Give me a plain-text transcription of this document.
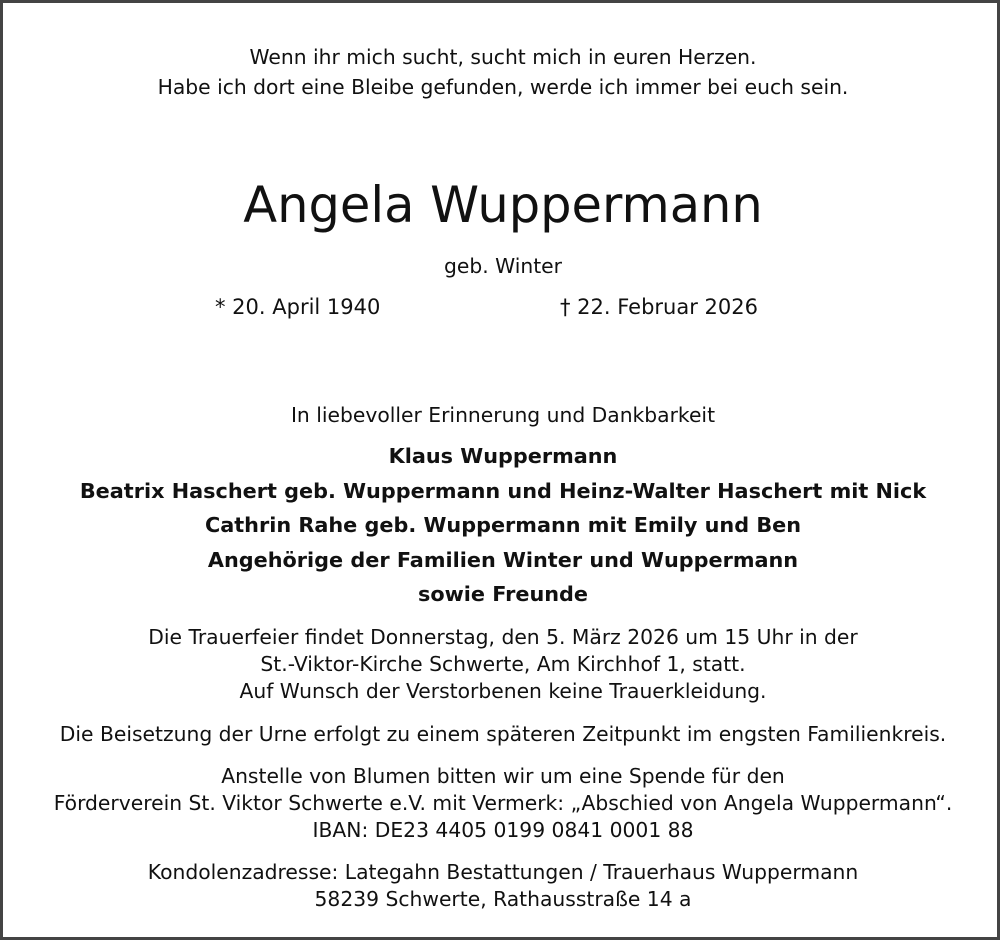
Wenn ihr mich sucht, sucht mich in euren Herzen.
Habe ich dort eine Bleibe gefunden, werde ich immer bei euch sein.
Angela Wuppermann
geb. Winter
* 20. April 1940	† 22. Februar 2026
In liebevoller Erinnerung und Dankbarkeit
Klaus Wuppermann
Beatrix Haschert geb. Wuppermann und Heinz-Walter Haschert mit Nick
Cathrin Rahe geb. Wuppermann mit Emily und Ben
Angehörige der Familien Winter und Wuppermann
sowie Freunde
Die Trauerfeier findet Donnerstag, den 5. März 2026 um 15 Uhr in der
St.-Viktor-Kirche Schwerte, Am Kirchhof 1, statt.
Auf Wunsch der Verstorbenen keine Trauerkleidung.
Die Beisetzung der Urne erfolgt zu einem späteren Zeitpunkt im engsten Familienkreis.
Anstelle von Blumen bitten wir um eine Spende für den
Förderverein St. Viktor Schwerte e.V. mit Vermerk: „Abschied von Angela Wuppermann“.
IBAN: DE23 4405 0199 0841 0001 88
Kondolenzadresse: Lategahn Bestattungen / Trauerhaus Wuppermann
58239 Schwerte, Rathausstraße 14 a
